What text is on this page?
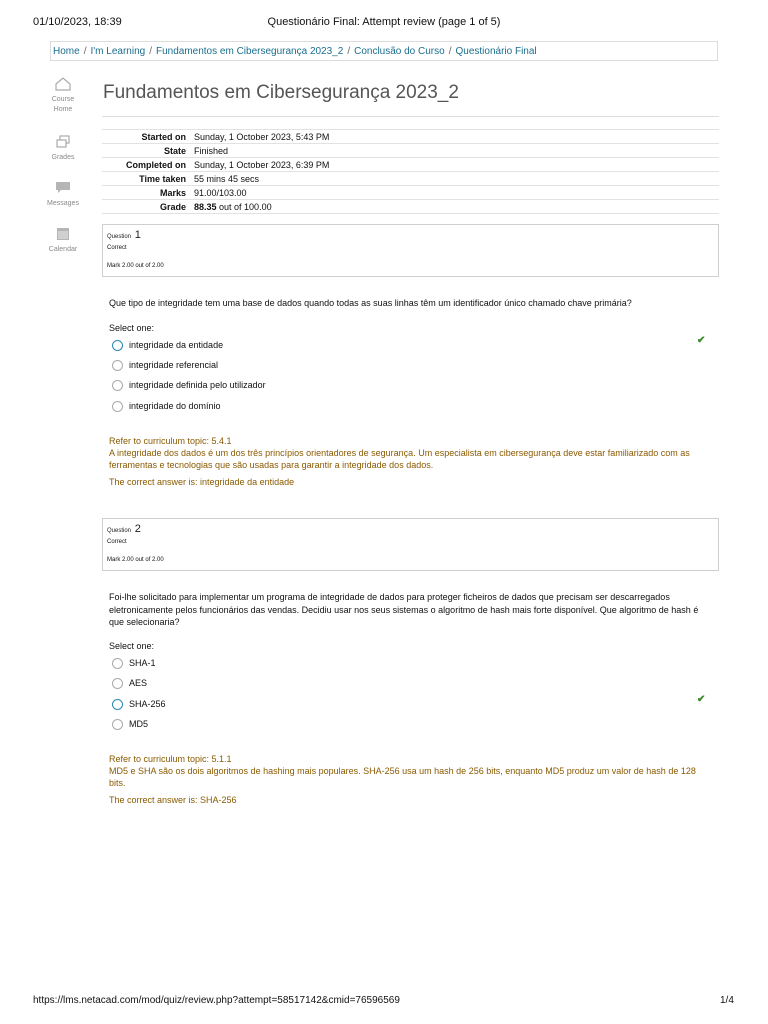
01/10/2023, 18:39	Questionário Final: Attempt review (page 1 of 5)
Home / I'm Learning / Fundamentos em Cibersegurança 2023_2 / Conclusão do Curso / Questionário Final
Course Home
Grades
Messages
Calendar
Fundamentos em Cibersegurança 2023_2
Started on	Sunday, 1 October 2023, 5:43 PM
State	Finished
Completed on	Sunday, 1 October 2023, 6:39 PM
Time taken	55 mins 45 secs
Marks	91.00/103.00
Grade	88.35 out of 100.00
Question 1
Correct
Mark 2.00 out of 2.00
Que tipo de integridade tem uma base de dados quando todas as suas linhas têm um identificador único chamado chave primária?
Select one:
integridade da entidade
integridade referencial
integridade definida pelo utilizador
integridade do domínio
✔
Refer to curriculum topic: 5.4.1
A integridade dos dados é um dos três princípios orientadores de segurança. Um especialista em cibersegurança deve estar familiarizado com as ferramentas e tecnologias que são usadas para garantir a integridade dos dados.
The correct answer is: integridade da entidade
Question 2
Correct
Mark 2.00 out of 2.00
Foi-lhe solicitado para implementar um programa de integridade de dados para proteger ficheiros de dados que precisam ser descarregados eletronicamente pelos funcionários das vendas. Decidiu usar nos seus sistemas o algoritmo de hash mais forte disponível. Que algoritmo de hash é que selecionaria?
Select one:
SHA-1
AES
SHA-256
MD5
✔
Refer to curriculum topic: 5.1.1
MD5 e SHA são os dois algoritmos de hashing mais populares. SHA-256 usa um hash de 256 bits, enquanto MD5 produz um valor de hash de 128 bits.
The correct answer is: SHA-256
https://lms.netacad.com/mod/quiz/review.php?attempt=58517142&cmid=76596569	1/4
